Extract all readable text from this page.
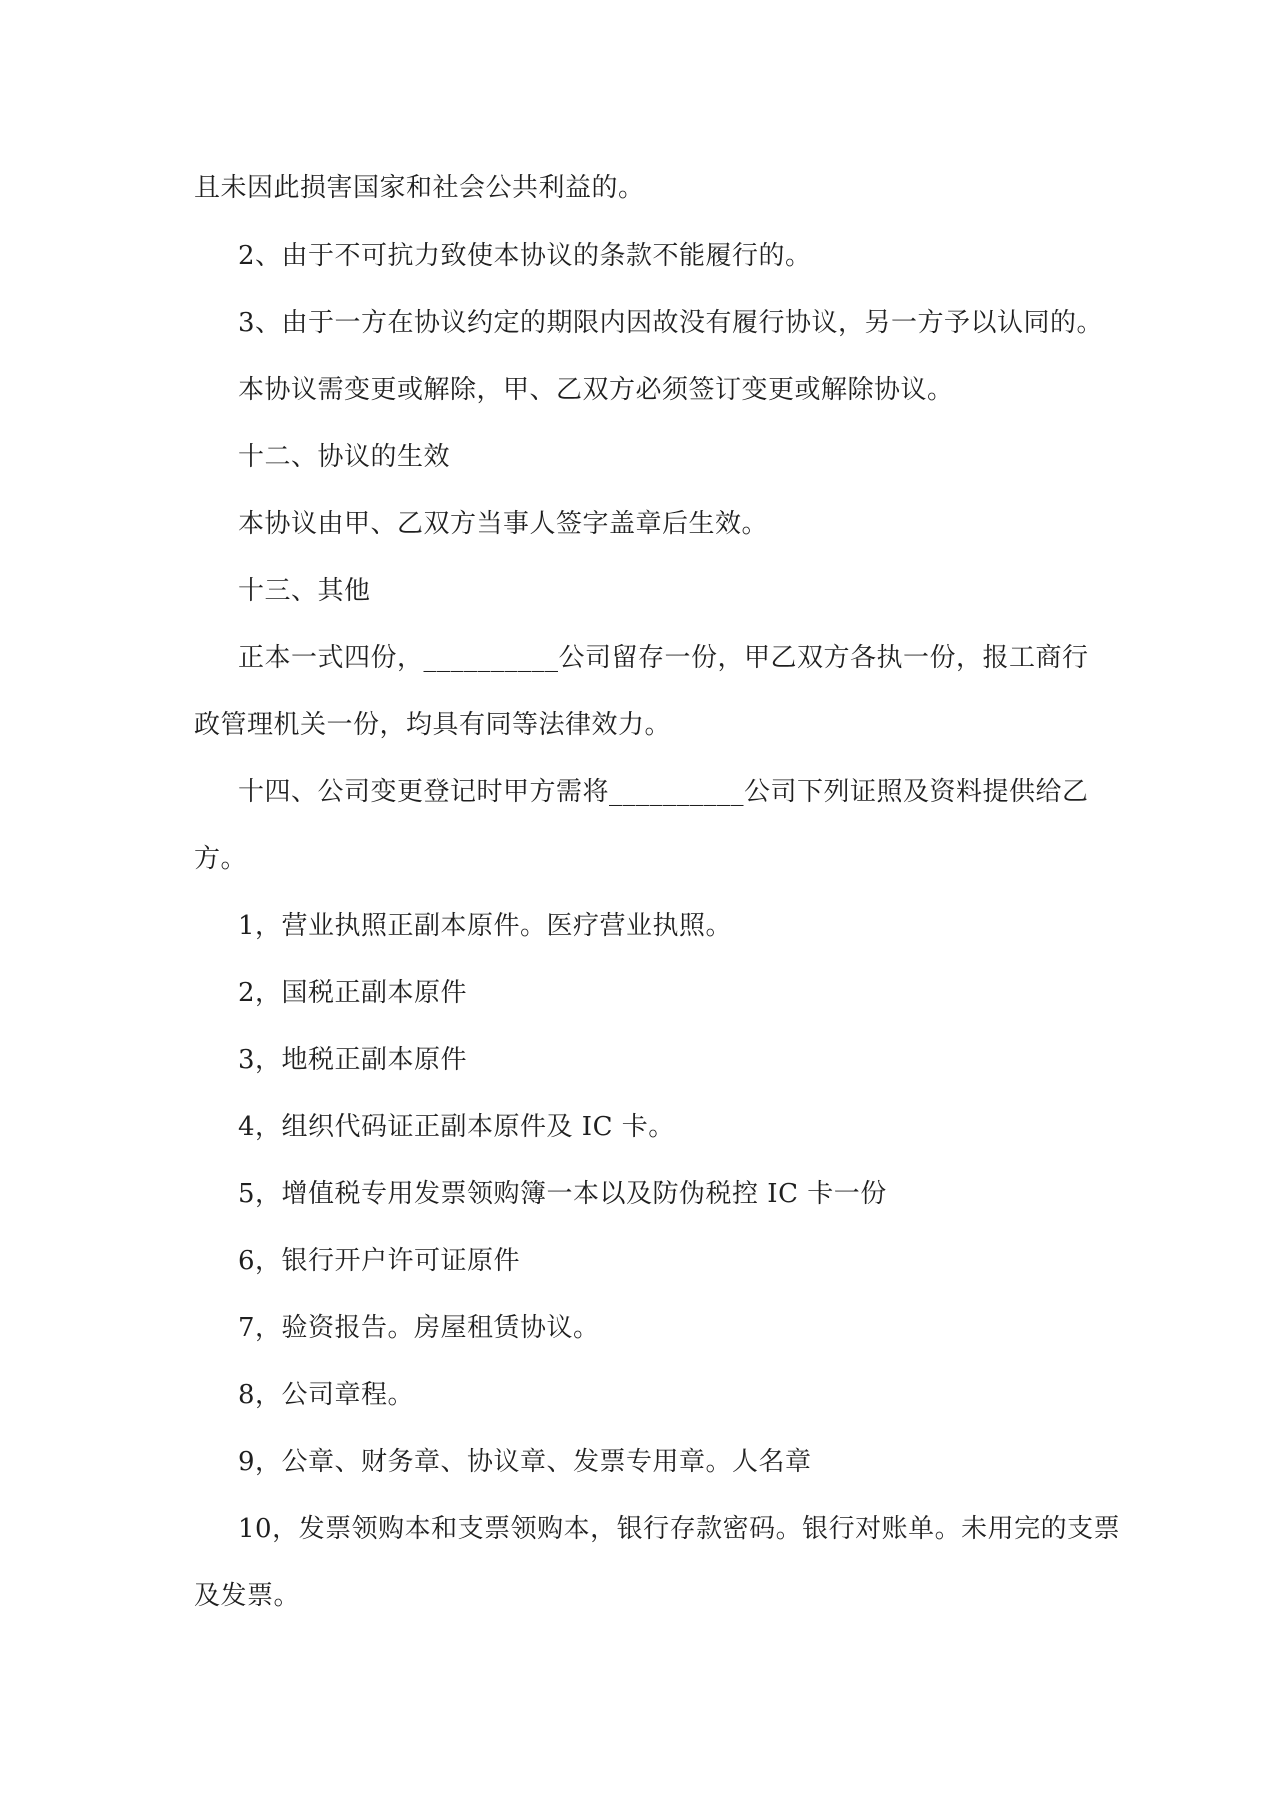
且未因此损害国家和社会公共利益的。

2、由于不可抗力致使本协议的条款不能履行的。

3、由于一方在协议约定的期限内因故没有履行协议，另一方予以认同的。

本协议需变更或解除，甲、乙双方必须签订变更或解除协议。

十二、协议的生效

本协议由甲、乙双方当事人签字盖章后生效。

十三、其他

正本一式四份，__________公司留存一份，甲乙双方各执一份，报工商行

政管理机关一份，均具有同等法律效力。

十四、公司变更登记时甲方需将__________公司下列证照及资料提供给乙

方。

1，营业执照正副本原件。医疗营业执照。

2，国税正副本原件

3，地税正副本原件

4，组织代码证正副本原件及 IC 卡。

5，增值税专用发票领购簿一本以及防伪税控 IC 卡一份

6，银行开户许可证原件

7，验资报告。房屋租赁协议。

8，公司章程。

9，公章、财务章、协议章、发票专用章。人名章

10，发票领购本和支票领购本，银行存款密码。银行对账单。未用完的支票

及发票。
